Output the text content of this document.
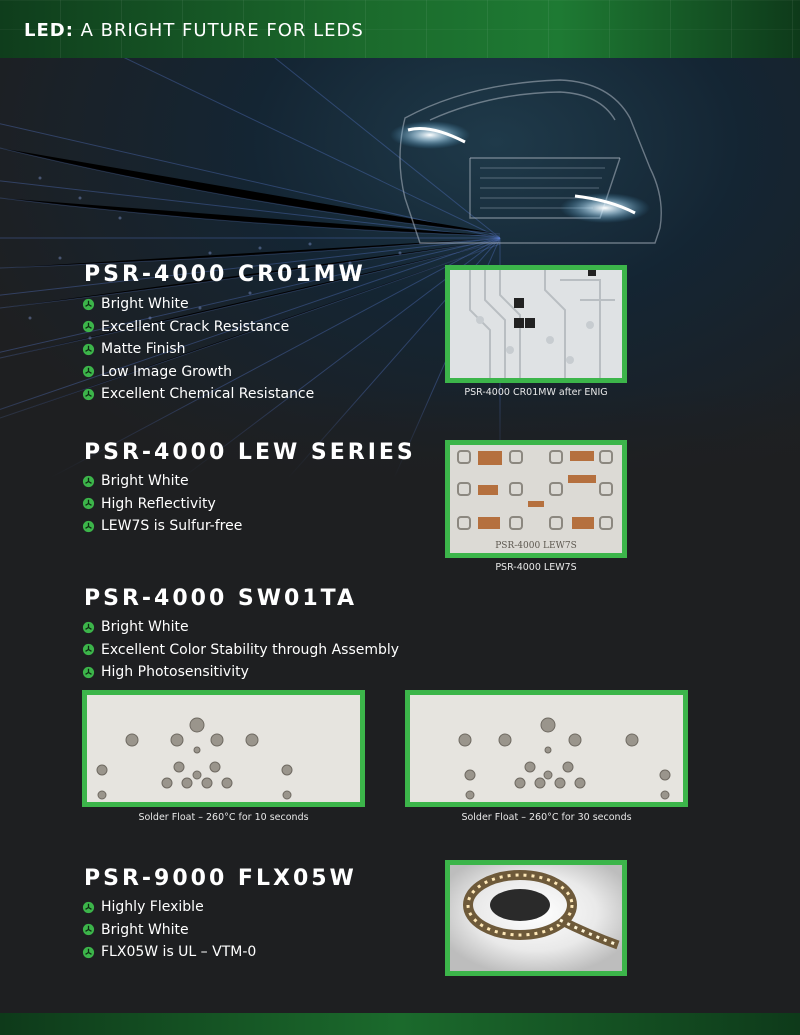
LED: A BRIGHT FUTURE FOR LEDS
PSR-4000 CR01MW
Bright White
Excellent Crack Resistance
Matte Finish
Low Image Growth
Excellent Chemical Resistance	PSR-4000 CR01MW after ENIG
PSR-4000 LEW SERIES
Bright White
High Reflectivity
LEW7S is Sulfur-free
PSR-4000 LEW7S
PSR-4000 LEW7S
PSR-4000 SW01TA
Bright White
Excellent Color Stability through Assembly
High Photosensitivity
Solder Float – 260°C for 10 seconds	Solder Float – 260°C for 30 seconds
PSR-9000 FLX05W
Highly Flexible
Bright White
FLX05W is UL – VTM-0
